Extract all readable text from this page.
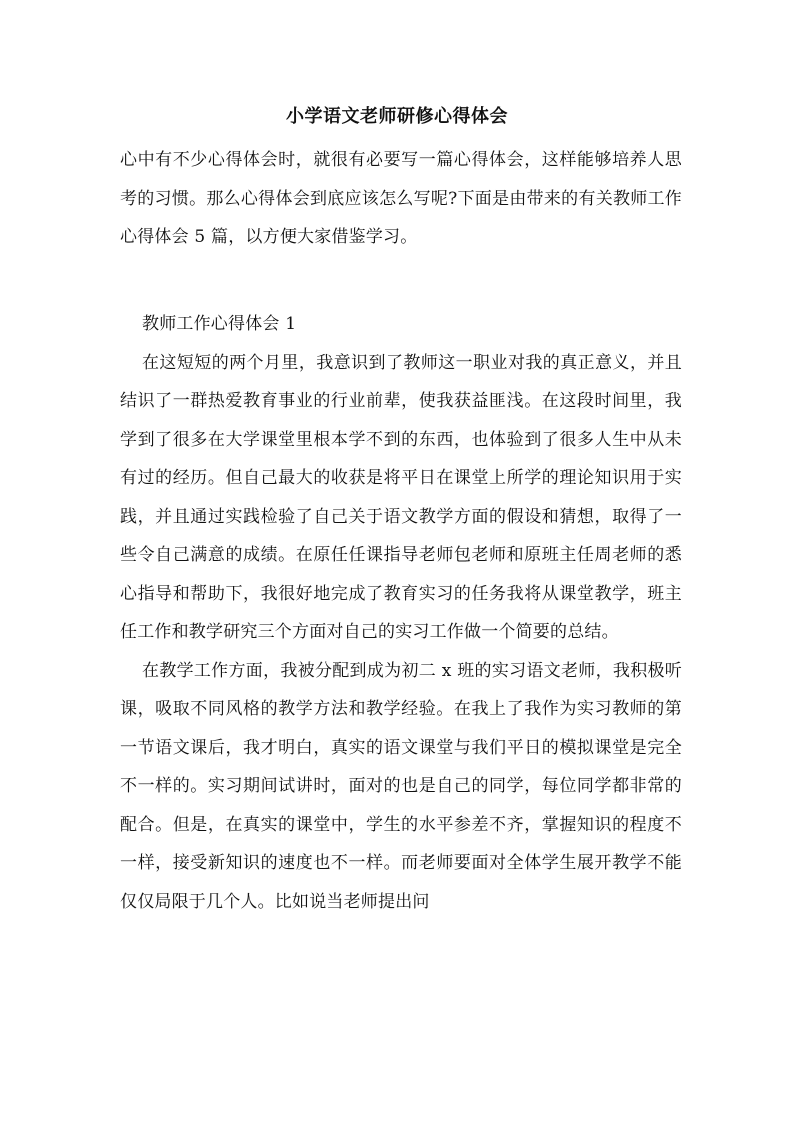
小学语文老师研修心得体会

心中有不少心得体会时，就很有必要写一篇心得体会，这样能够培养人思考的习惯。那么心得体会到底应该怎么写呢?下面是由带来的有关教师工作心得体会 5 篇，以方便大家借鉴学习。

教师工作心得体会 1

在这短短的两个月里，我意识到了教师这一职业对我的真正意义，并且结识了一群热爱教育事业的行业前辈，使我获益匪浅。在这段时间里，我学到了很多在大学课堂里根本学不到的东西，也体验到了很多人生中从未有过的经历。但自己最大的收获是将平日在课堂上所学的理论知识用于实践，并且通过实践检验了自己关于语文教学方面的假设和猜想，取得了一些令自己满意的成绩。在原任任课指导老师包老师和原班主任周老师的悉心指导和帮助下，我很好地完成了教育实习的任务我将从课堂教学，班主任工作和教学研究三个方面对自己的实习工作做一个简要的总结。

在教学工作方面，我被分配到成为初二 x 班的实习语文老师，我积极听课，吸取不同风格的教学方法和教学经验。在我上了我作为实习教师的第一节语文课后，我才明白，真实的语文课堂与我们平日的模拟课堂是完全不一样的。实习期间试讲时，面对的也是自己的同学，每位同学都非常的配合。但是，在真实的课堂中，学生的水平参差不齐，掌握知识的程度不一样，接受新知识的速度也不一样。而老师要面对全体学生展开教学不能仅仅局限于几个人。比如说当老师提出问
